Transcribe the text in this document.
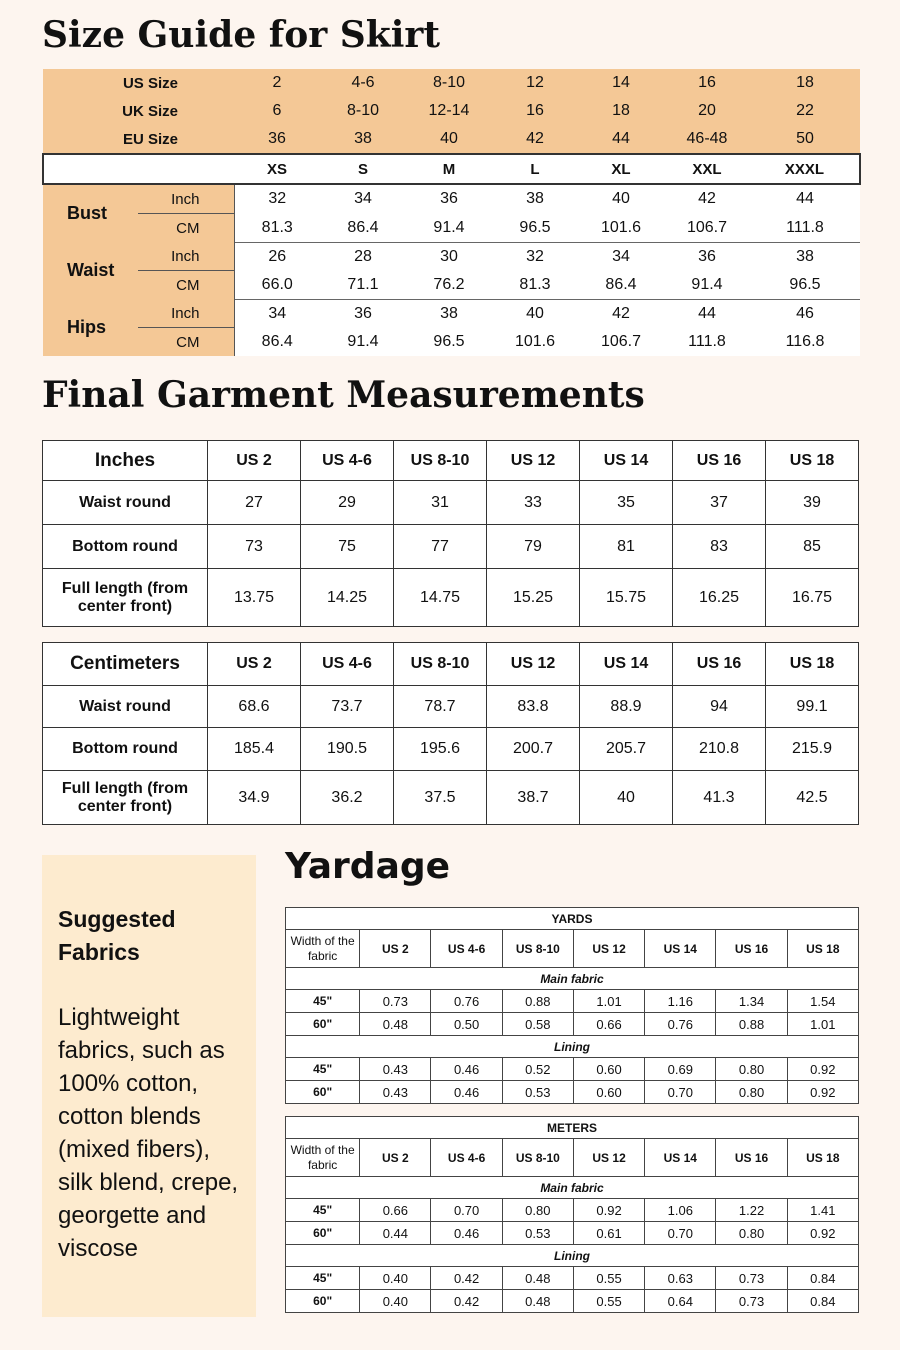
Size Guide for Skirt
US Size		2	4-6	8-10	12	14	16	18
UK Size		6	8-10	12-14	16	18	20	22
EU Size		36	38	40	42	44	46-48	50
		XS	S	M	L	XL	XXL	XXXL
Bust	Inch	32	34	36	38	40	42	44
	CM	81.3	86.4	91.4	96.5	101.6	106.7	111.8
Waist	Inch	26	28	30	32	34	36	38
	CM	66.0	71.1	76.2	81.3	86.4	91.4	96.5
Hips	Inch	34	36	38	40	42	44	46
	CM	86.4	91.4	96.5	101.6	106.7	111.8	116.8
Final Garment Measurements
Inches	US 2	US 4-6	US 8-10	US 12	US 14	US 16	US 18
Waist round	27	29	31	33	35	37	39
Bottom round	73	75	77	79	81	83	85
Full length (from center front)	13.75	14.25	14.75	15.25	15.75	16.25	16.75
Centimeters	US 2	US 4-6	US 8-10	US 12	US 14	US 16	US 18
Waist round	68.6	73.7	78.7	83.8	88.9	94	99.1
Bottom round	185.4	190.5	195.6	200.7	205.7	210.8	215.9
Full length (from center front)	34.9	36.2	37.5	38.7	40	41.3	42.5
Suggested Fabrics
Lightweight fabrics, such as 100% cotton, cotton blends (mixed fibers), silk blend, crepe, georgette and viscose
Yardage
YARDS							
Width of the fabric	US 2	US 4-6	US 8-10	US 12	US 14	US 16	US 18
Main fabric							
45"	0.73	0.76	0.88	1.01	1.16	1.34	1.54
60"	0.48	0.50	0.58	0.66	0.76	0.88	1.01
Lining							
45"	0.43	0.46	0.52	0.60	0.69	0.80	0.92
60"	0.43	0.46	0.53	0.60	0.70	0.80	0.92
METERS							
Width of the fabric	US 2	US 4-6	US 8-10	US 12	US 14	US 16	US 18
Main fabric							
45"	0.66	0.70	0.80	0.92	1.06	1.22	1.41
60"	0.44	0.46	0.53	0.61	0.70	0.80	0.92
Lining							
45"	0.40	0.42	0.48	0.55	0.63	0.73	0.84
60"	0.40	0.42	0.48	0.55	0.64	0.73	0.84
